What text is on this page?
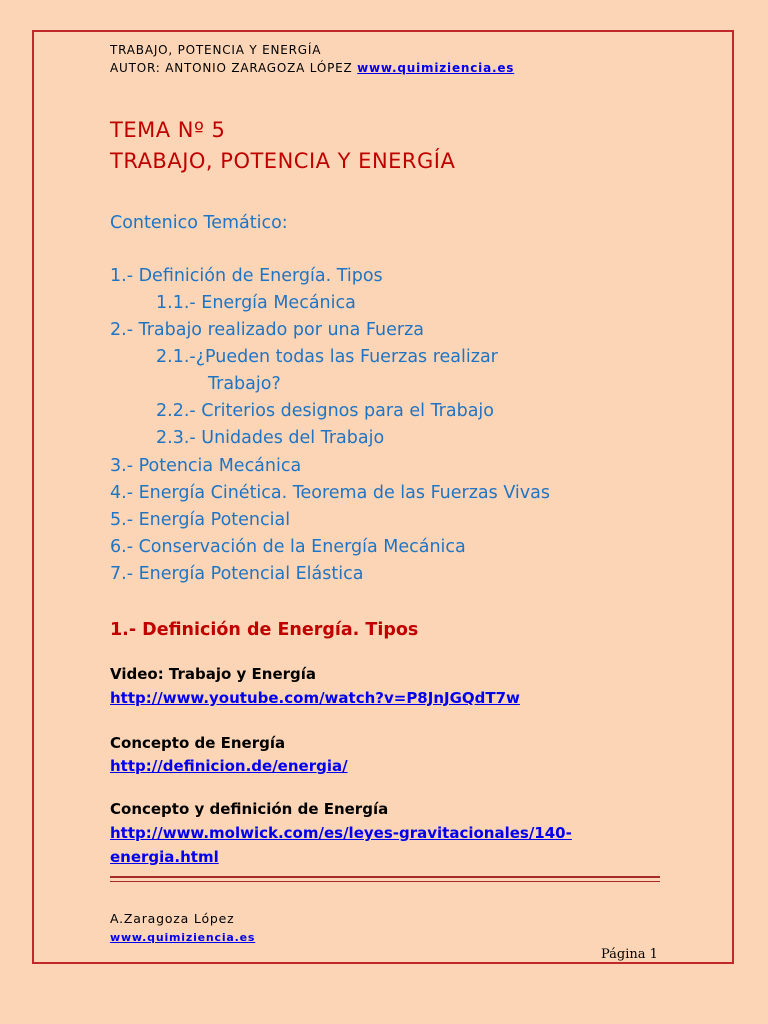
TRABAJO, POTENCIA Y ENERGÍA
AUTOR: ANTONIO ZARAGOZA LÓPEZ www.quimiziencia.es
TEMA Nº 5
TRABAJO, POTENCIA Y ENERGÍA
Contenico Temático:
1.- Definición de Energía. Tipos
1.1.- Energía Mecánica
2.- Trabajo realizado por una Fuerza
2.1.-¿Pueden todas las Fuerzas realizar
Trabajo?
2.2.- Criterios designos para el Trabajo
2.3.- Unidades del Trabajo
3.- Potencia Mecánica
4.- Energía Cinética. Teorema de las Fuerzas Vivas
5.- Energía Potencial
6.- Conservación de la Energía Mecánica
7.- Energía Potencial Elástica
1.- Definición de Energía. Tipos
Video: Trabajo y Energía
http://www.youtube.com/watch?v=P8JnJGQdT7w
Concepto de Energía
http://definicion.de/energia/
Concepto y definición de Energía
http://www.molwick.com/es/leyes-gravitacionales/140-
energia.html
A.Zaragoza López
www.quimiziencia.es
Página 1
